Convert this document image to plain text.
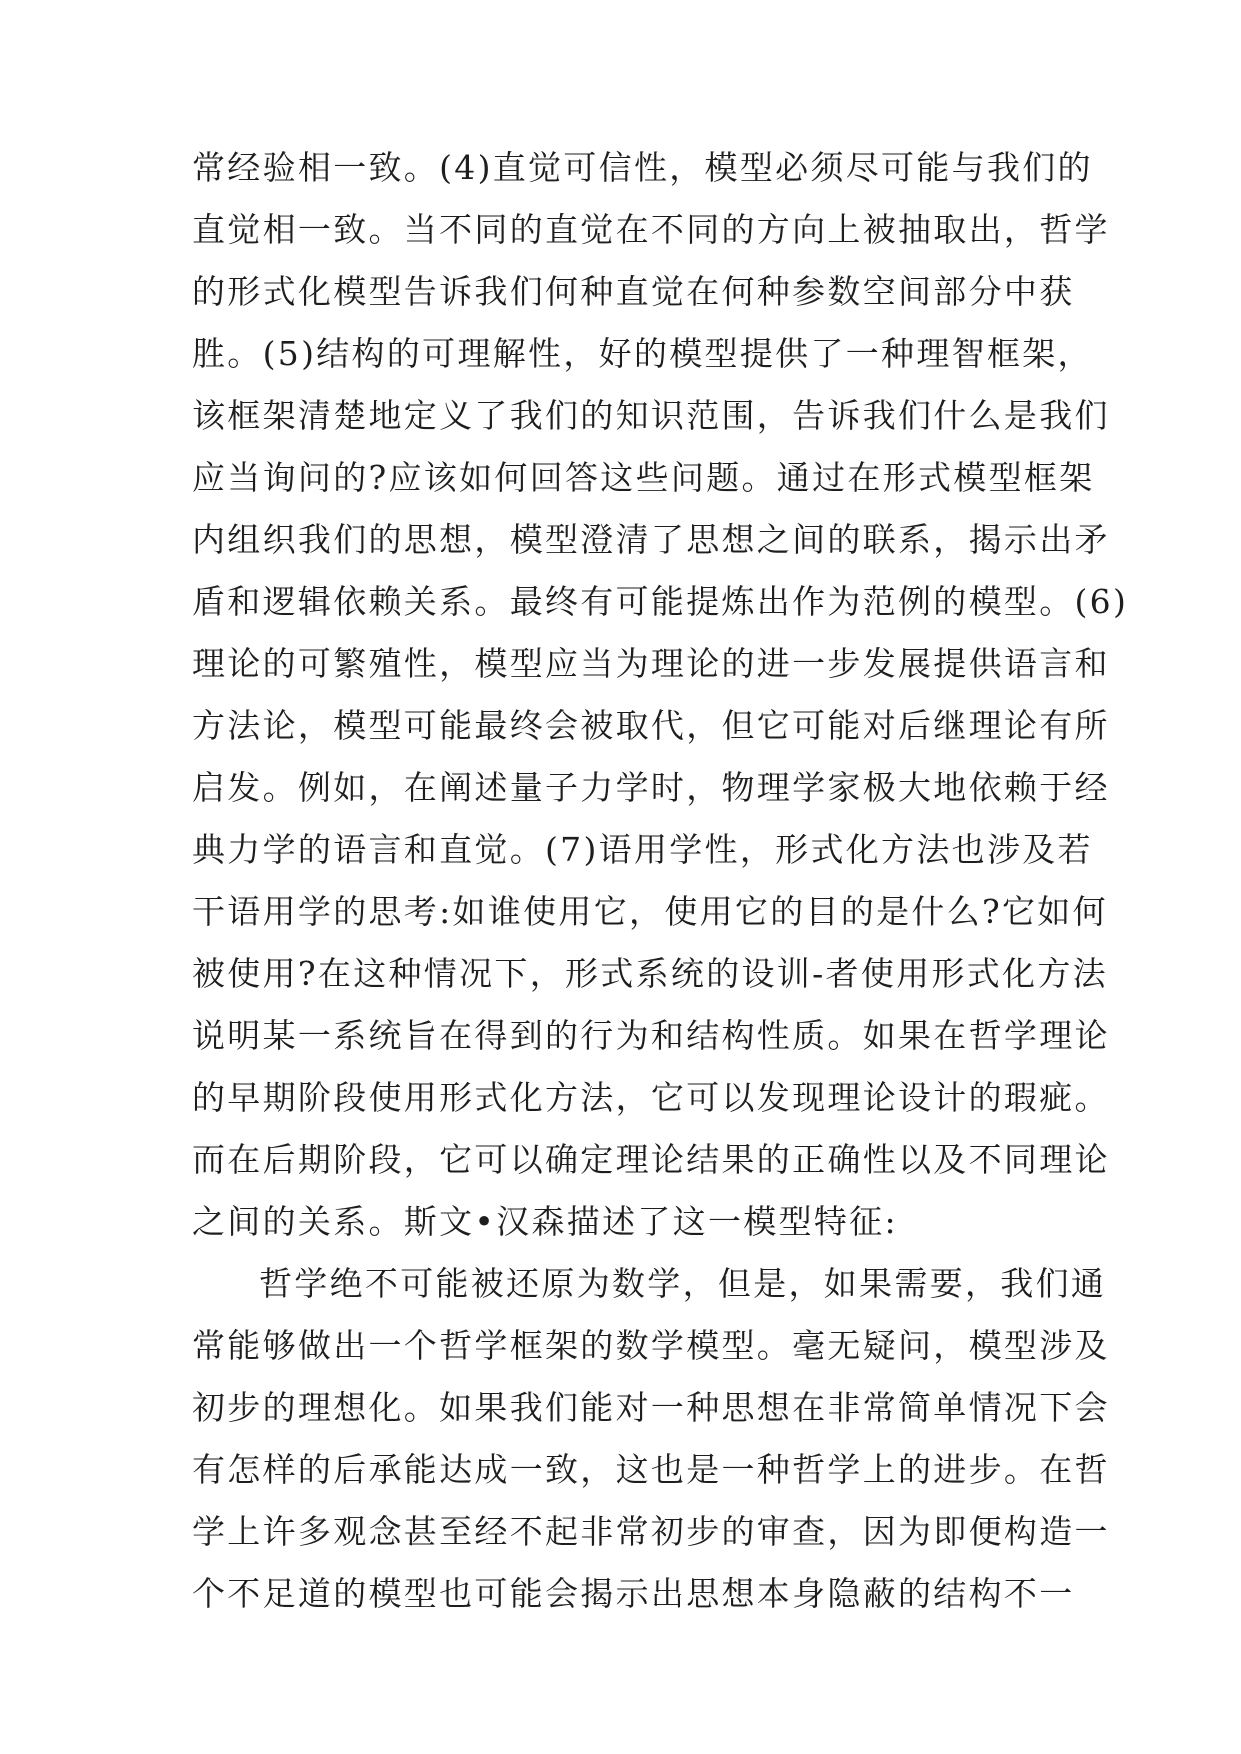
常经验相一致。(4)直觉可信性，模型必须尽可能与我们的
直觉相一致。当不同的直觉在不同的方向上被抽取出，哲学
的形式化模型告诉我们何种直觉在何种参数空间部分中获
胜。(5)结构的可理解性，好的模型提供了一种理智框架，
该框架清楚地定义了我们的知识范围，告诉我们什么是我们
应当询问的?应该如何回答这些问题。通过在形式模型框架
内组织我们的思想，模型澄清了思想之间的联系，揭示出矛
盾和逻辑依赖关系。最终有可能提炼出作为范例的模型。(6)
理论的可繁殖性，模型应当为理论的进一步发展提供语言和
方法论，模型可能最终会被取代，但它可能对后继理论有所
启发。例如，在阐述量子力学时，物理学家极大地依赖于经
典力学的语言和直觉。(7)语用学性，形式化方法也涉及若
干语用学的思考:如谁使用它，使用它的目的是什么?它如何
被使用?在这种情况下，形式系统的设训-者使用形式化方法
说明某一系统旨在得到的行为和结构性质。如果在哲学理论
的早期阶段使用形式化方法，它可以发现理论设计的瑕疵。
而在后期阶段，它可以确定理论结果的正确性以及不同理论
之间的关系。斯文•汉森描述了这一模型特征:
哲学绝不可能被还原为数学，但是，如果需要，我们通
常能够做出一个哲学框架的数学模型。毫无疑问，模型涉及
初步的理想化。如果我们能对一种思想在非常简单情况下会
有怎样的后承能达成一致，这也是一种哲学上的进步。在哲
学上许多观念甚至经不起非常初步的审查，因为即便构造一
个不足道的模型也可能会揭示出思想本身隐蔽的结构不一
